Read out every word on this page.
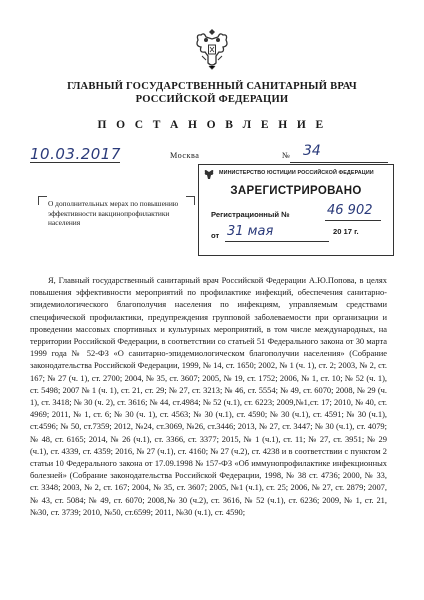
ГЛАВНЫЙ ГОСУДАРСТВЕННЫЙ САНИТАРНЫЙ ВРАЧ
РОССИЙСКОЙ ФЕДЕРАЦИИ
П О С Т А Н О В Л Е Н И Е
10.03.2017	Москва	№ 34
О дополнительных мерах по повышению эффективности вакцинопрофилактики населения
МИНИСТЕРСТВО ЮСТИЦИИ РОССИЙСКОЙ ФЕДЕРАЦИИ
ЗАРЕГИСТРИРОВАНО
Регистрационный №	46 902
от 31 мая	20 17 г.
Я, Главный государственный санитарный врач Российской Федерации А.Ю.Попова, в целях повышения эффективности мероприятий по профилактике инфекций, обеспечения санитарно-эпидемиологического благополучия населения по инфекциям, управляемым средствами специфической профилактики, предупреждения групповой заболеваемости при организации и проведении массовых спортивных и культурных мероприятий, в том числе международных, на территории Российской Федерации, в соответствии со статьей 51 Федерального закона от 30 марта 1999 года № 52-ФЗ «О санитарно-эпидемиологическом благополучии населения» (Собрание законодательства Российской Федерации, 1999, № 14, ст. 1650; 2002, № 1 (ч. 1), ст. 2; 2003, № 2, ст. 167; № 27 (ч. 1), ст. 2700; 2004, № 35, ст. 3607; 2005, № 19, ст. 1752; 2006, № 1, ст. 10; № 52 (ч. 1), ст. 5498; 2007 № 1 (ч. 1), ст. 21, ст. 29; № 27, ст. 3213; № 46, ст. 5554; № 49, ст. 6070; 2008, № 29 (ч. 1), ст. 3418; № 30 (ч. 2), ст. 3616; № 44, ст.4984; № 52 (ч.1), ст. 6223; 2009,№1,ст. 17; 2010, № 40, ст. 4969; 2011, № 1, ст. 6; № 30 (ч. 1), ст. 4563; № 30 (ч.1), ст. 4590; № 30 (ч.1), ст. 4591; № 30 (ч.1), ст.4596; № 50, ст.7359; 2012, №24, ст.3069, №26, ст.3446; 2013, № 27, ст. 3447; № 30 (ч.1), ст. 4079; № 48, ст. 6165; 2014, № 26 (ч.1), ст. 3366, ст. 3377; 2015, № 1 (ч.1), ст. 11; № 27, ст. 3951; № 29 (ч.1), ст. 4339, ст. 4359; 2016, № 27 (ч.1), ст. 4160; № 27 (ч.2), ст. 4238 и в соответствии с пунктом 2 статьи 10 Федерального закона от 17.09.1998 № 157-ФЗ «Об иммунопрофилактике инфекционных болезней» (Собрание законодательства Российской Федерации, 1998, № 38 ст. 4736; 2000, № 33, ст. 3348; 2003, № 2, ст. 167; 2004, № 35, ст. 3607; 2005, №1 (ч.1), ст. 25; 2006, № 27, ст. 2879; 2007, № 43, ст. 5084; № 49, ст. 6070; 2008,№ 30 (ч.2), ст. 3616, № 52 (ч.1), ст. 6236; 2009, № 1, ст. 21, №30, ст. 3739; 2010, №50, ст.6599; 2011, №30 (ч.1), ст. 4590;
